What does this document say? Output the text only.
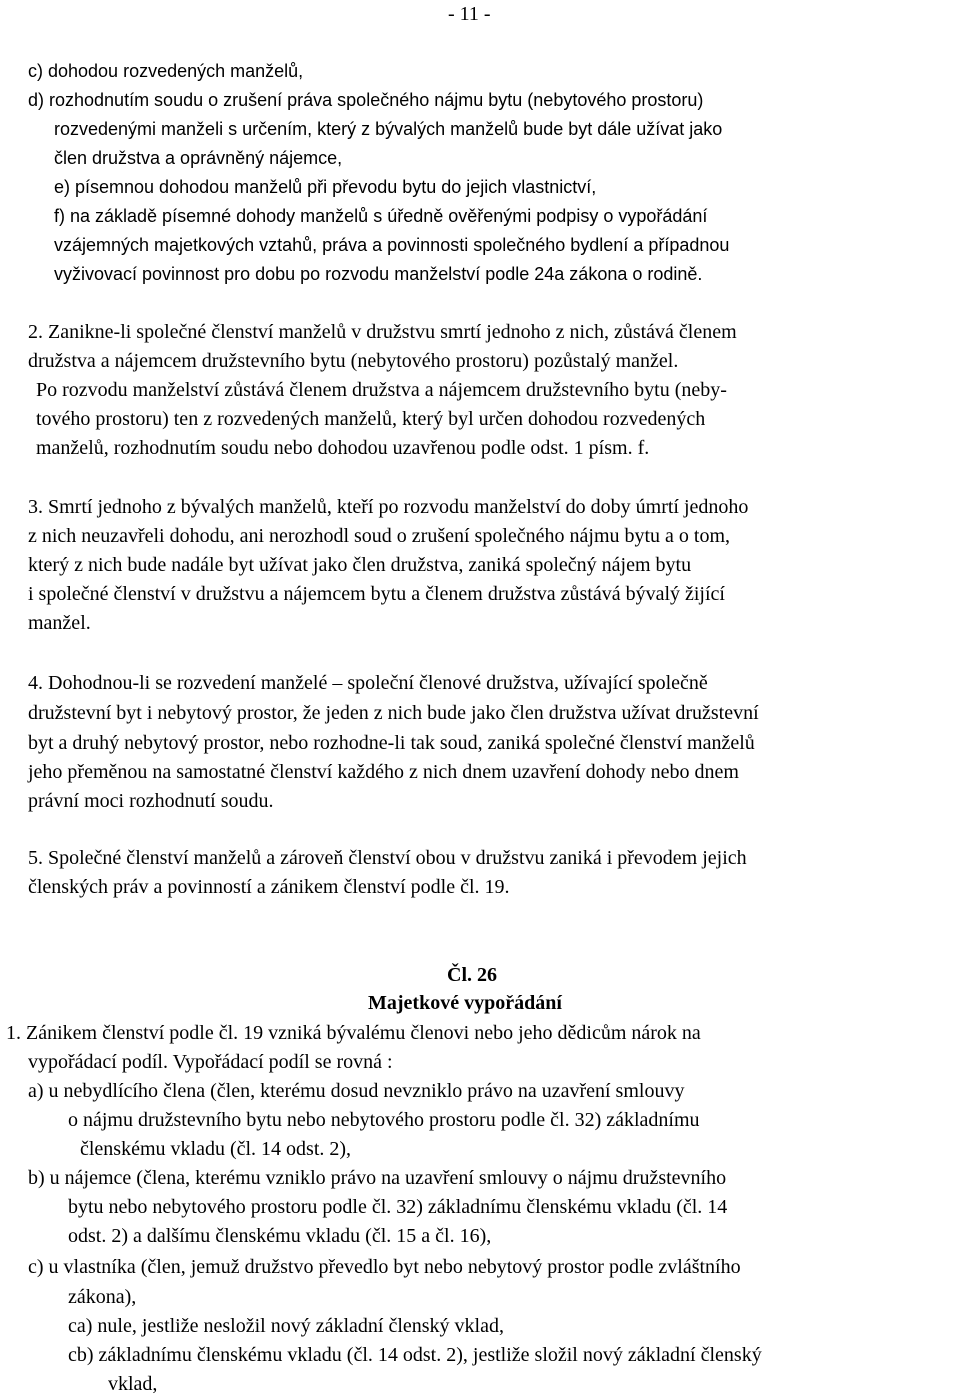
- 11 -
c) dohodou rozvedených manželů,
d) rozhodnutím soudu o zrušení práva společného nájmu bytu (nebytového prostoru)
rozvedenými manželi s určením, který z bývalých manželů bude byt dále užívat jako
člen družstva a oprávněný nájemce,
e) písemnou dohodou manželů při převodu bytu do jejich vlastnictví,
f) na základě písemné dohody manželů s úředně ověřenými podpisy o vypořádání
vzájemných majetkových vztahů, práva a povinnosti společného bydlení a případnou
vyživovací povinnost pro dobu po rozvodu manželství podle 24a zákona o rodině.
2. Zanikne-li společné členství manželů v družstvu smrtí jednoho z nich, zůstává členem
družstva a nájemcem družstevního bytu (nebytového prostoru) pozůstalý manžel.
Po rozvodu manželství zůstává členem družstva a nájemcem družstevního bytu (neby-
tového prostoru) ten z rozvedených manželů, který byl určen dohodou rozvedených
manželů, rozhodnutím soudu nebo dohodou uzavřenou podle odst. 1 písm. f.
3. Smrtí jednoho z bývalých manželů, kteří po rozvodu manželství do doby úmrtí jednoho
z nich neuzavřeli dohodu, ani nerozhodl soud o zrušení společného nájmu bytu a o tom,
který z nich bude nadále byt užívat jako člen družstva, zaniká společný nájem bytu
i společné členství v družstvu a nájemcem bytu a členem družstva zůstává bývalý žijící
manžel.
4. Dohodnou-li se rozvedení manželé – společní členové družstva, užívající společně
družstevní byt i nebytový prostor, že jeden z nich bude jako člen družstva užívat družstevní
byt a druhý nebytový prostor, nebo rozhodne-li tak soud, zaniká společné členství manželů
jeho přeměnou na samostatné členství každého z nich dnem uzavření dohody nebo dnem
právní moci rozhodnutí soudu.
5. Společné členství manželů a zároveň členství obou v družstvu zaniká i převodem jejich
členských práv a povinností a zánikem členství podle čl. 19.
Čl. 26
Majetkové vypořádání
1. Zánikem členství podle čl. 19 vzniká bývalému členovi nebo jeho dědicům nárok na
vypořádací podíl. Vypořádací podíl se rovná :
a) u nebydlícího člena (člen, kterému dosud nevzniklo právo na uzavření smlouvy
o nájmu družstevního bytu nebo nebytového prostoru podle čl. 32) základnímu
členskému vkladu (čl. 14 odst. 2),
b) u nájemce (člena, kterému vzniklo právo na uzavření smlouvy o nájmu družstevního
bytu nebo nebytového prostoru podle čl. 32) základnímu členskému vkladu (čl. 14
odst. 2) a dalšímu členskému vkladu (čl. 15 a čl. 16),
c) u vlastníka (člen, jemuž družstvo převedlo byt nebo nebytový prostor podle zvláštního
zákona),
ca) nule, jestliže nesložil nový základní členský vklad,
cb) základnímu členskému vkladu (čl. 14 odst. 2), jestliže složil nový základní členský
vklad,
